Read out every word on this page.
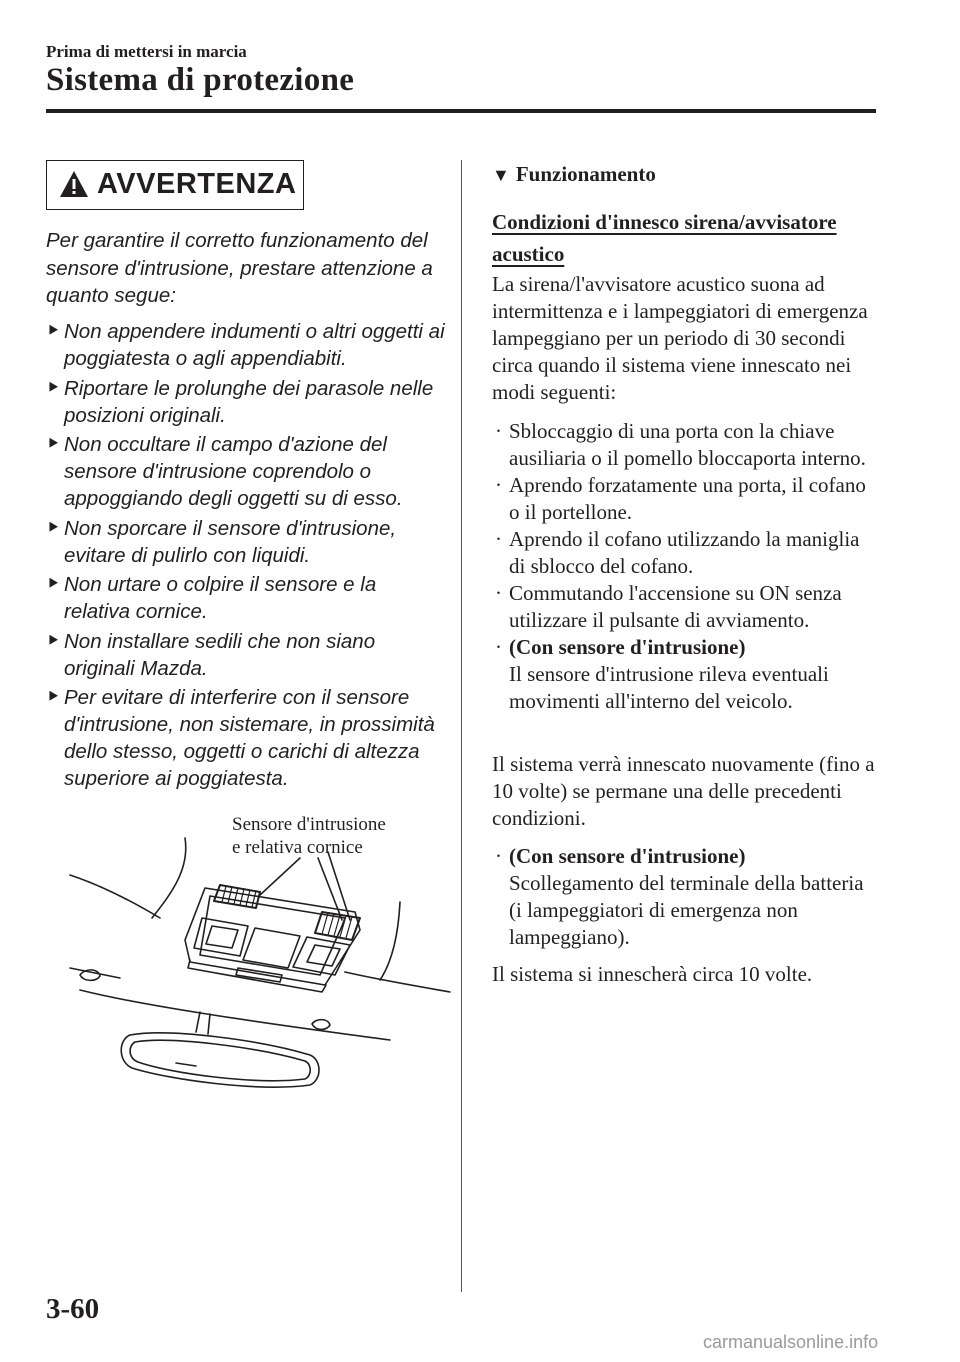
Prima di mettersi in marcia
Sistema di protezione
AVVERTENZA
Per garantire il corretto funzionamento del sensore d'intrusione, prestare attenzione a quanto segue:
⯈ Non appendere indumenti o altri oggetti ai poggiatesta o agli appendiabiti.
⯈ Riportare le prolunghe dei parasole nelle posizioni originali.
⯈ Non occultare il campo d'azione del sensore d'intrusione coprendolo o appoggiando degli oggetti su di esso.
⯈ Non sporcare il sensore d'intrusione, evitare di pulirlo con liquidi.
⯈ Non urtare o colpire il sensore e la relativa cornice.
⯈ Non installare sedili che non siano originali Mazda.
⯈ Per evitare di interferire con il sensore d'intrusione, non sistemare, in prossimità dello stesso, oggetti o carichi di altezza superiore ai poggiatesta.
Sensore d'intrusione
e relativa cornice
▼ Funzionamento
Condizioni d'innesco sirena/avvisatore acustico
La sirena/l'avvisatore acustico suona ad intermittenza e i lampeggiatori di emergenza lampeggiano per un periodo di 30 secondi circa quando il sistema viene innescato nei modi seguenti:
· Sbloccaggio di una porta con la chiave ausiliaria o il pomello bloccaporta interno.
· Aprendo forzatamente una porta, il cofano o il portellone.
· Aprendo il cofano utilizzando la maniglia di sblocco del cofano.
· Commutando l'accensione su ON senza utilizzare il pulsante di avviamento.
· (Con sensore d'intrusione)
Il sensore d'intrusione rileva eventuali movimenti all'interno del veicolo.
Il sistema verrà innescato nuovamente (fino a 10 volte) se permane una delle precedenti condizioni.
· (Con sensore d'intrusione)
Scollegamento del terminale della batteria (i lampeggiatori di emergenza non lampeggiano).
Il sistema si innescherà circa 10 volte.
3-60
carmanualsonline.info
